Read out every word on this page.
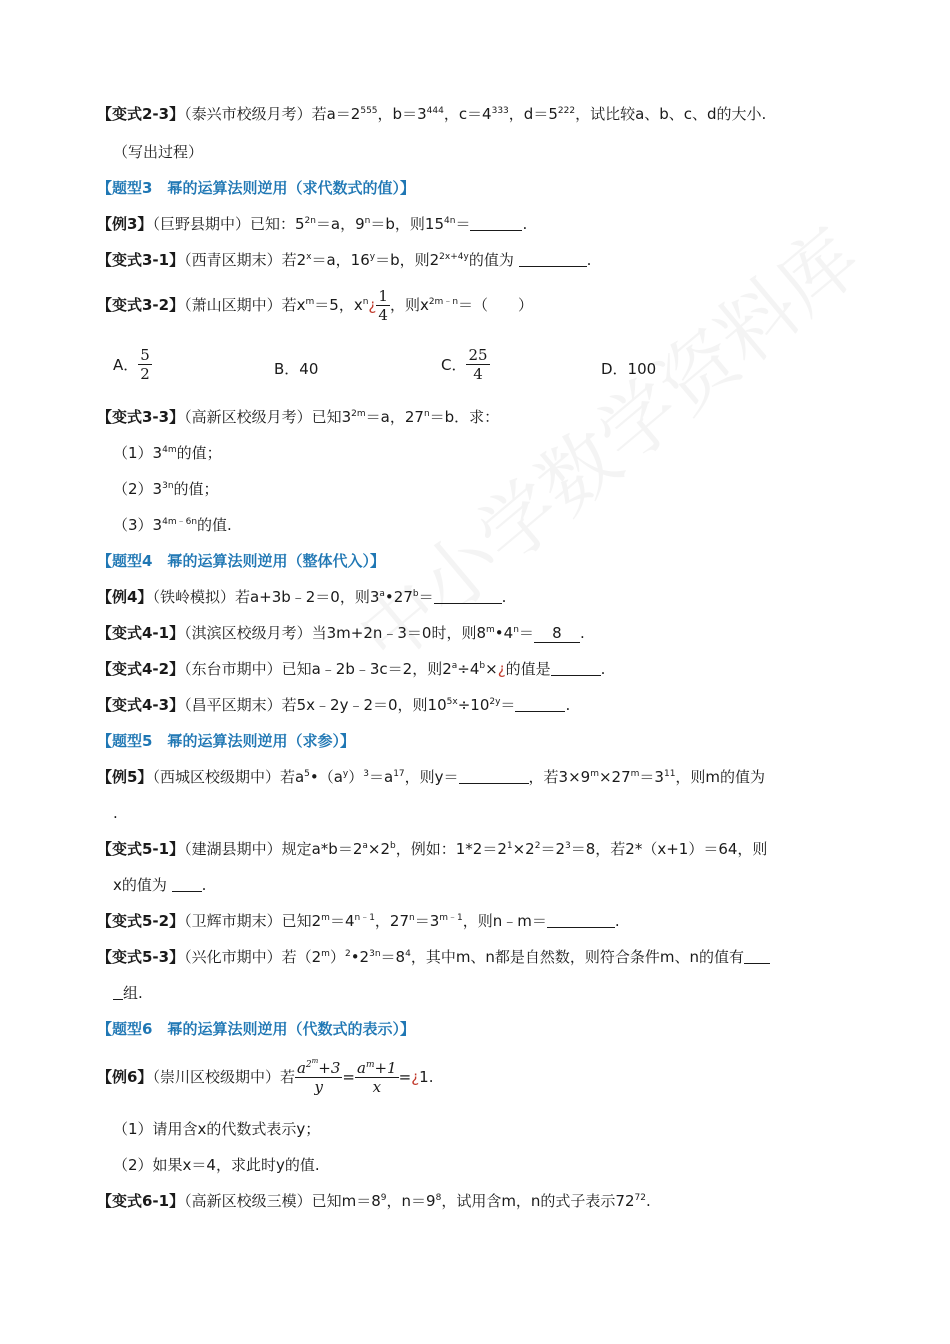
【变式2-3】（泰兴市校级月考）若$a=2^{555}$，$b=3^{444}$，$c=4^{333}$，$d=5^{222}$，试比较a、b、c、d的大小.
（写出过程）
【题型3　幂的运算法则逆用（求代数式的值）】
【例3】（巨野县期中）已知：$5^{2n}=a$，$9^n=b$，则$15^{4n}=$	.
【变式3-1】（西青区期末）若$2^x=a$，$16^y=b$，则$2^{2x+4y}$的值为	.
【变式3-2】（萧山区期中）若$x^m=5$，$x^n¿ \frac{1}{4}$ ，则$x^{2m﹣n}=$（　　）
A． $\frac{5}{2}$	B．40	C． $\frac{25}{4}$	D．100
【变式3-3】（高新区校级月考）已知$3^{2m}=a$，$27^n=b$．求：
$(1)3^{4m}$的值；
$(2)3^{3n}$的值；
$(3)3^{4m﹣6n}$的值.
【题型4　幂的运算法则逆用（整体代入）】
【例4】（铁岭模拟）若a+3b﹣2＝0，则$3^a•27^b=$	.
【变式4-1】（淇滨区校级月考）当3m+2n﹣3＝0时，则$8^m•4^n= 8$ .
【变式4-2】（东台市期中）已知a﹣2b﹣3c＝2，则$2^a\div 4^b\times¿$的值是	.
【变式4-3】（昌平区期末）若5x﹣2y﹣2＝0，则$10^{5x}\div 10^{2y}=$	.
【题型5　幂的运算法则逆用（求参）】
【例5】（西城区校级期中）若$a^5•(a^y)^3=a^{17}$，则y＝	，若$3\times 9^m\times 27^m=3^{11}$，则m的值为
.
【变式5-1】（建湖县期中）规定$a*b=2^a\times 2^b$，例如：$1*2=2^1\times 2^2=2^3=8$，若2*（x+1）＝64，则
x的值为 .
【变式5-2】（卫辉市期末）已知$2^m=4^{n﹣1}$，$27^n=3^{m﹣1}$，则n﹣m＝	.
【变式5-3】（兴化市期中）若$(2^m)^2•2^{3n}=8^4$，其中m、n都是自然数，则符合条件m、n的值有
组.
【题型6　幂的运算法则逆用（代数式的表示）】
【例6】（崇川区校级期中）若 $\frac{a^{2m}+3}{y} = \frac{a^m+1}{x}$ =¿1.
（1）请用含x的代数式表示y；
（2）如果x＝4，求此时y的值.
【变式6-1】（高新区校级三模）已知$m=8^9$，$n=9^8$，试用含m，n的式子表示$72^{72}$.
